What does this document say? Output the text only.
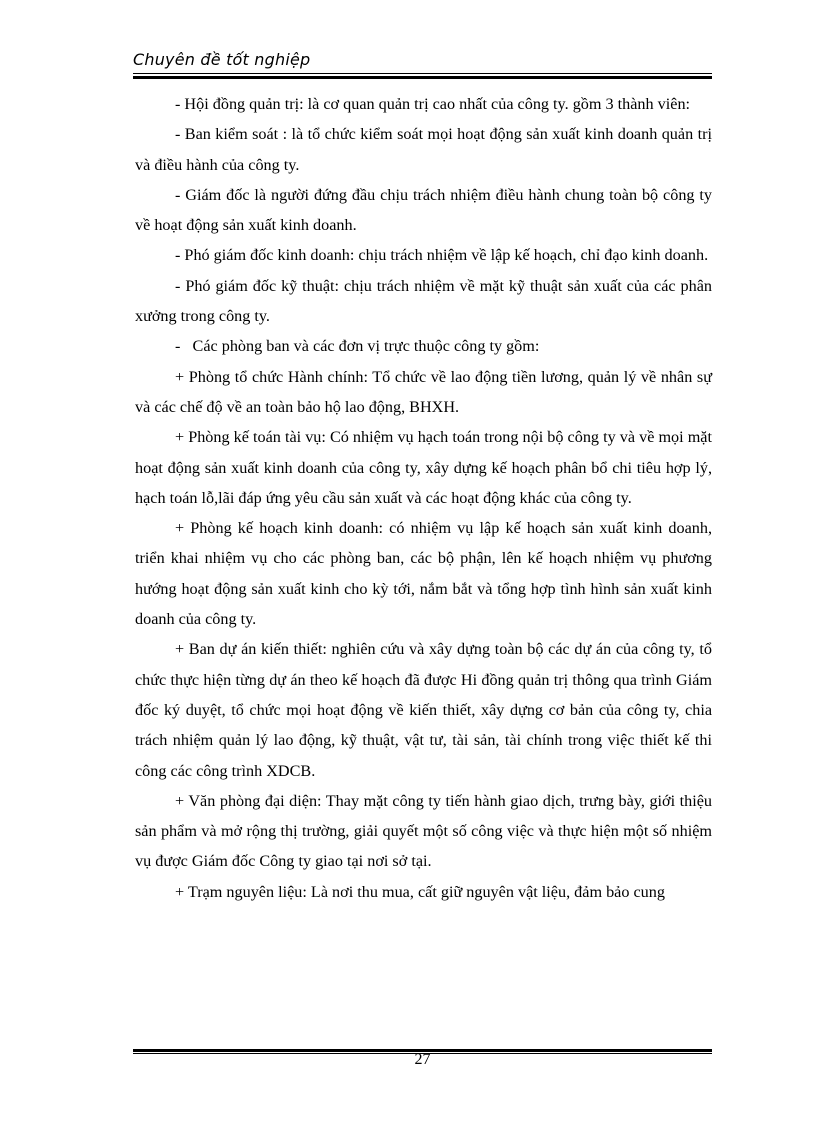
Chuyên đề tốt nghiệp

- Hội đồng quản trị: là cơ quan quản trị cao nhất của công ty. gồm 3 thành viên:

- Ban kiểm soát : là tổ chức kiểm soát mọi hoạt động sản xuất kinh doanh quản trị và điều hành của công ty.

- Giám đốc là người đứng đầu chịu trách nhiệm điều hành chung toàn bộ công ty về hoạt động sản xuất kinh doanh.

- Phó giám đốc kinh doanh: chịu trách nhiệm về lập kế hoạch, chỉ đạo kinh doanh.

- Phó giám đốc kỹ thuật: chịu trách nhiệm về mặt kỹ thuật sản xuất của các phân xưởng trong công ty.

-   Các phòng ban và các đơn vị trực thuộc công ty gồm:

+ Phòng tổ chức Hành chính: Tổ chức về lao động tiền lương, quản lý về nhân sự và các chế độ về an toàn bảo hộ lao động, BHXH.

+ Phòng kế toán tài vụ: Có nhiệm vụ hạch toán trong nội bộ công ty và về mọi mặt hoạt động sản xuất kinh doanh của công ty, xây dựng kế hoạch phân bổ chi tiêu hợp lý, hạch toán lỗ,lãi đáp ứng yêu cầu sản xuất và các hoạt động khác của công ty.

+ Phòng kế hoạch kinh doanh: có nhiệm vụ lập kế hoạch sản xuất kinh doanh, triển khai nhiệm vụ cho các phòng ban, các bộ phận, lên kế hoạch nhiệm vụ phương hướng hoạt động sản xuất kinh cho kỳ tới, nắm bắt và tổng hợp tình hình sản xuất kinh doanh của công ty.

+ Ban dự án kiến thiết: nghiên cứu và xây dựng toàn bộ các dự án của công ty, tổ chức thực hiện từng dự án theo kế hoạch đã được Hi đồng quản trị thông qua trình Giám đốc ký duyệt, tổ chức mọi hoạt động về kiến thiết, xây dựng cơ bản của công ty, chia trách nhiệm quản lý lao động, kỹ thuật, vật tư, tài sản, tài chính trong việc thiết kế thi công các công trình XDCB.

+ Văn phòng đại diện: Thay mặt công ty tiến hành giao dịch, trưng bày, giới thiệu sản phẩm và mở rộng thị trường, giải quyết một số công việc và thực hiện một số nhiệm vụ được Giám đốc Công ty giao tại nơi sở tại.

+ Trạm nguyên liệu: Là nơi thu mua, cất giữ nguyên vật liệu, đảm bảo cung

27
